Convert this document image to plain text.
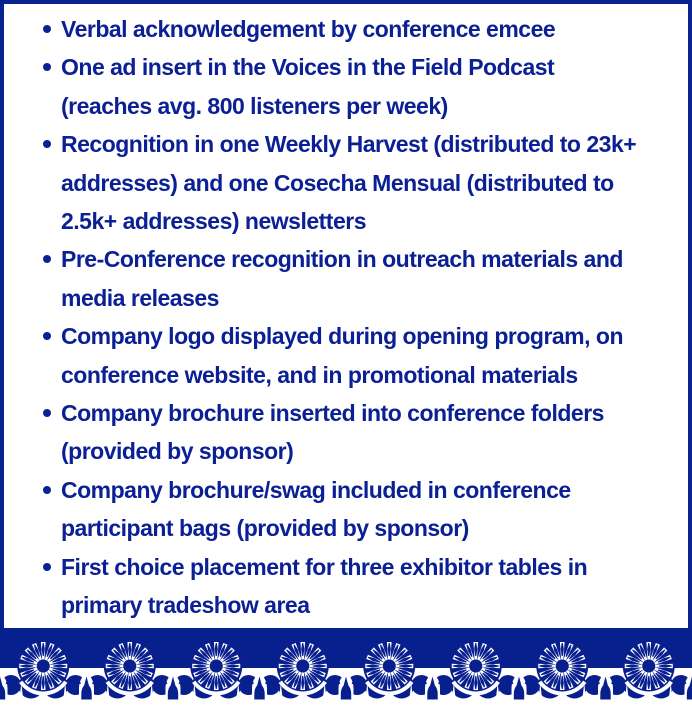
Verbal acknowledgement by conference emcee
One ad insert in the Voices in the Field Podcast (reaches avg. 800 listeners per week)
Recognition in one Weekly Harvest (distributed to 23k+ addresses) and one Cosecha Mensual (distributed to 2.5k+ addresses) newsletters
Pre-Conference recognition in outreach materials and media releases
Company logo displayed during opening program, on conference website, and in promotional materials
Company brochure inserted into conference folders (provided by sponsor)
Company brochure/swag included in conference participant bags (provided by sponsor)
First choice placement for three exhibitor tables in primary tradeshow area
